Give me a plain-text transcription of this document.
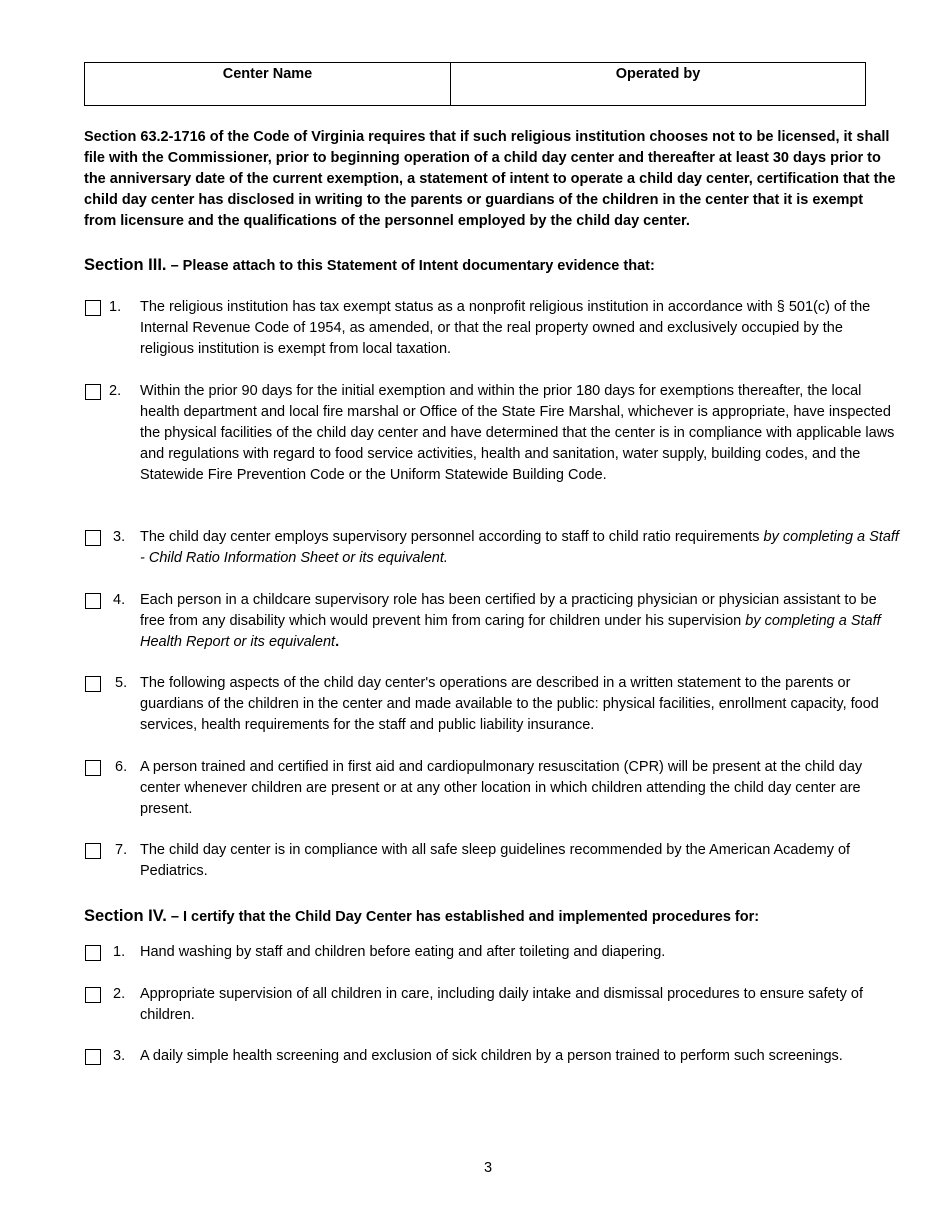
Center Name	Operated by
Section 63.2-1716 of the Code of Virginia requires that if such religious institution chooses not to be licensed, it shall file with the Commissioner, prior to beginning operation of a child day center and thereafter at least 30 days prior to the anniversary date of the current exemption, a statement of intent to operate a child day center, certification that the child day center has disclosed in writing to the parents or guardians of the children in the center that it is exempt from licensure and the qualifications of the personnel employed by the child day center.
Section III. – Please attach to this Statement of Intent documentary evidence that:
1.	The religious institution has tax exempt status as a nonprofit religious institution in accordance with § 501(c) of the Internal Revenue Code of 1954, as amended, or that the real property owned and exclusively occupied by the religious institution is exempt from local taxation.
2.	Within the prior 90 days for the initial exemption and within the prior 180 days for exemptions thereafter, the local health department and local fire marshal or Office of the State Fire Marshal, whichever is appropriate, have inspected the physical facilities of the child day center and have determined that the center is in compliance with applicable laws and regulations with regard to food service activities, health and sanitation, water supply, building codes, and the Statewide Fire Prevention Code or the Uniform Statewide Building Code.
3.	The child day center employs supervisory personnel according to staff to child ratio requirements by completing a Staff - Child Ratio Information Sheet or its equivalent.
4.	Each person in a childcare supervisory role has been certified by a practicing physician or physician assistant to be free from any disability which would prevent him from caring for children under his supervision by completing a Staff Health Report or its equivalent.
5. The following aspects of the child day center's operations are described in a written statement to the parents or guardians of the children in the center and made available to the public: physical facilities, enrollment capacity, food services, health requirements for the staff and public liability insurance.
6. A person trained and certified in first aid and cardiopulmonary resuscitation (CPR) will be present at the child day center whenever children are present or at any other location in which children attending the child day center are present.
7. The child day center is in compliance with all safe sleep guidelines recommended by the American Academy of Pediatrics.
Section IV. – I certify that the Child Day Center has established and implemented procedures for:
1.	Hand washing by staff and children before eating and after toileting and diapering.
2.	Appropriate supervision of all children in care, including daily intake and dismissal procedures to ensure safety of children.
3.	A daily simple health screening and exclusion of sick children by a person trained to perform such screenings.
3
